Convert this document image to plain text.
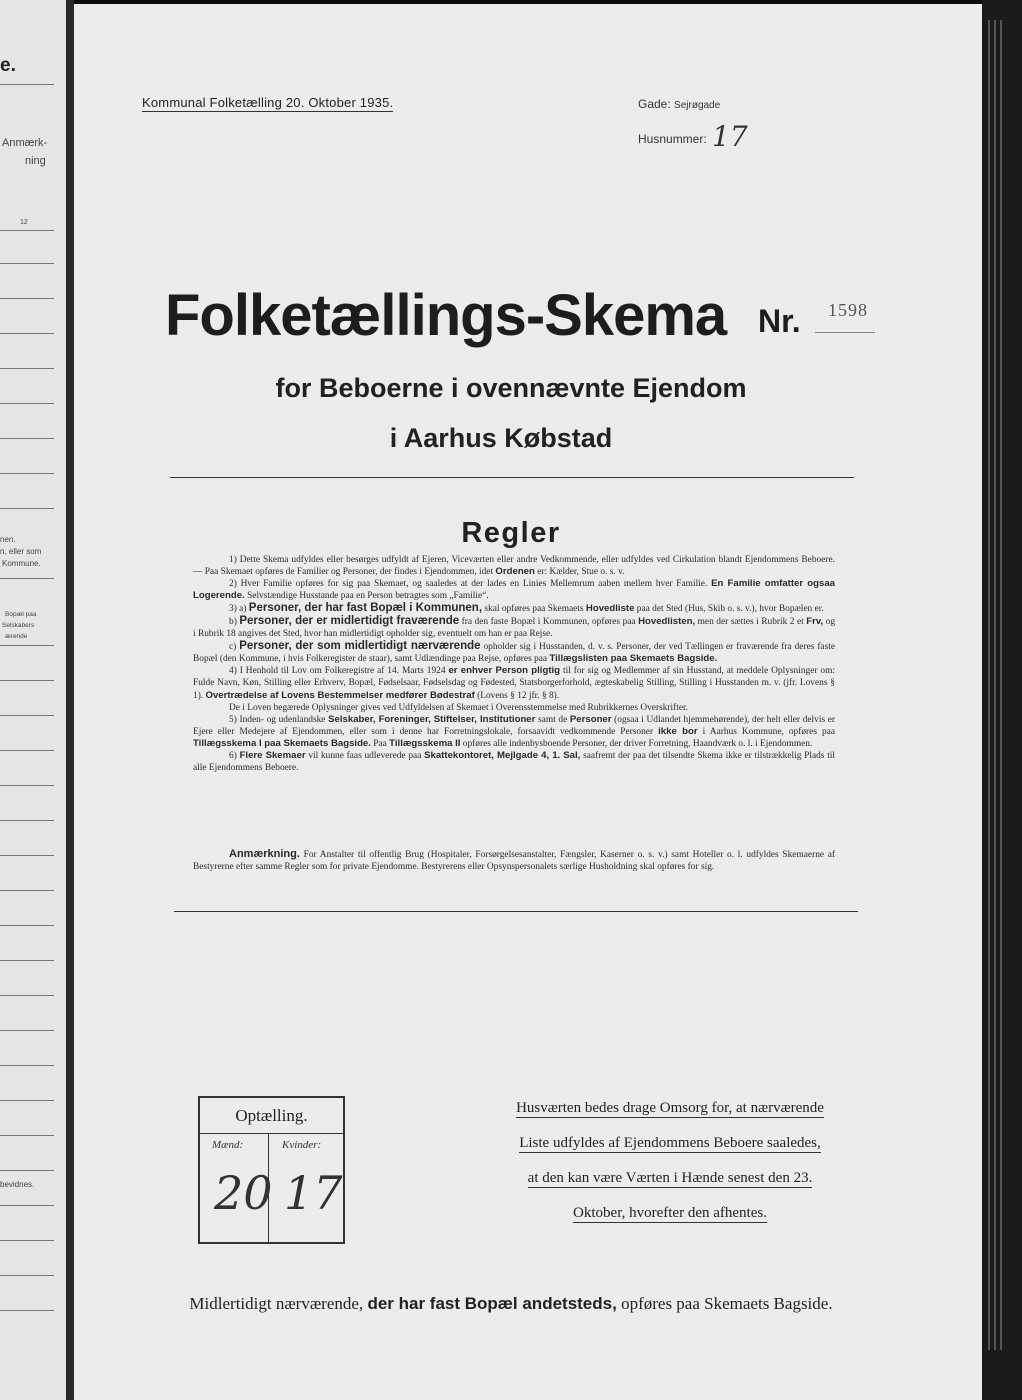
e.
Anmærk-
ning
12
nen.
n, eller som
Kommune.
Bopæl paa
Selskabers
ærende
bevidnes.
Kommunal Folketælling 20. Oktober 1935.	Gade: Sejrøgade
Husnummer: 17
Folketællings-Skema Nr. 1598
for Beboerne i ovennævnte Ejendom
i Aarhus Købstad
Regler

1) Dette Skema udfyldes eller besørges udfyldt af Ejeren, Viceværten eller andre Vedkommende, eller udfyldes ved Cirkulation blandt Ejendommens Beboere. — Paa Skemaet opføres de Familier og Personer, der findes i Ejendommen, idet Ordenen er: Kælder, Stue o. s. v.

2) Hver Familie opføres for sig paa Skemaet, og saaledes at der lades en Linies Mellemrum aaben mellem hver Familie. En Familie omfatter ogsaa Logerende. Selvstændige Husstande paa en Person betragtes som „Familie“.

3) a) Personer, der har fast Bopæl i Kommunen, skal opføres paa Skemaets Hovedliste paa det Sted (Hus, Skib o. s. v.), hvor Bopælen er.

b) Personer, der er midlertidigt fraværende fra den faste Bopæl i Kommunen, opføres paa Hovedlisten, men der sættes i Rubrik 2 et Frv, og i Rubrik 18 angives det Sted, hvor han midlertidigt opholder sig, eventuelt om han er paa Rejse.

c) Personer, der som midlertidigt nærværende opholder sig i Husstanden, d. v. s. Personer, der ved Tællingen er fraværende fra deres faste Bopæl (den Kommune, i hvis Folkeregister de staar), samt Udlændinge paa Rejse, opføres paa Tillægslisten paa Skemaets Bagside.

4) I Henhold til Lov om Folkeregistre af 14. Marts 1924 er enhver Person pligtig til for sig og Medlemmer af sin Husstand, at meddele Oplysninger om: Fulde Navn, Køn, Stilling eller Erhverv, Bopæl, Fødselsaar, Fødselsdag og Fødested, Statsborgerforhold, ægteskabelig Stilling, Stilling i Husstanden m. v. (jfr. Lovens § 1). Overtrædelse af Lovens Bestemmelser medfører Bødestraf (Lovens § 12 jfr. § 8).

De i Loven begærede Oplysninger gives ved Udfyldelsen af Skemaet i Overensstemmelse med Rubrikkernes Overskrifter.

5) Inden- og udenlandske Selskaber, Foreninger, Stiftelser, Institutioner samt de Personer (ogsaa i Udlandet hjemmehørende), der helt eller delvis er Ejere eller Medejere af Ejendommen, eller som i denne har Forretningslokale, forsaavidt vedkommende Personer ikke bor i Aarhus Kommune, opføres paa Tillægsskema I paa Skemaets Bagside. Paa Tillægsskema II opføres alle indenbysboende Personer, der driver Forretning, Haandværk o. l. i Ejendommen.

6) Flere Skemaer vil kunne faas udleverede paa Skattekontoret, Mejlgade 4, 1. Sal, saafremt der paa det tilsendte Skema ikke er tilstrækkelig Plads til alle Ejendommens Beboere.

Anmærkning. For Anstalter til offentlig Brug (Hospitaler, Forsørgelsesanstalter, Fængsler, Kaserner o. s. v.) samt Hoteller o. l. udfyldes Skemaerne af Bestyrerne efter samme Regler som for private Ejendomme. Bestyrerens eller Opsynspersonalets særlige Husholdning skal opføres for sig.

Optælling.
Mænd:	Kvinder:
20 17
Husværten bedes drage Omsorg for, at nærværende
Liste udfyldes af Ejendommens Beboere saaledes,
at den kan være Værten i Hænde senest den 23.
Oktober, hvorefter den afhentes.
Midlertidigt nærværende, der har fast Bopæl andetsteds, opføres paa Skemaets Bagside.
